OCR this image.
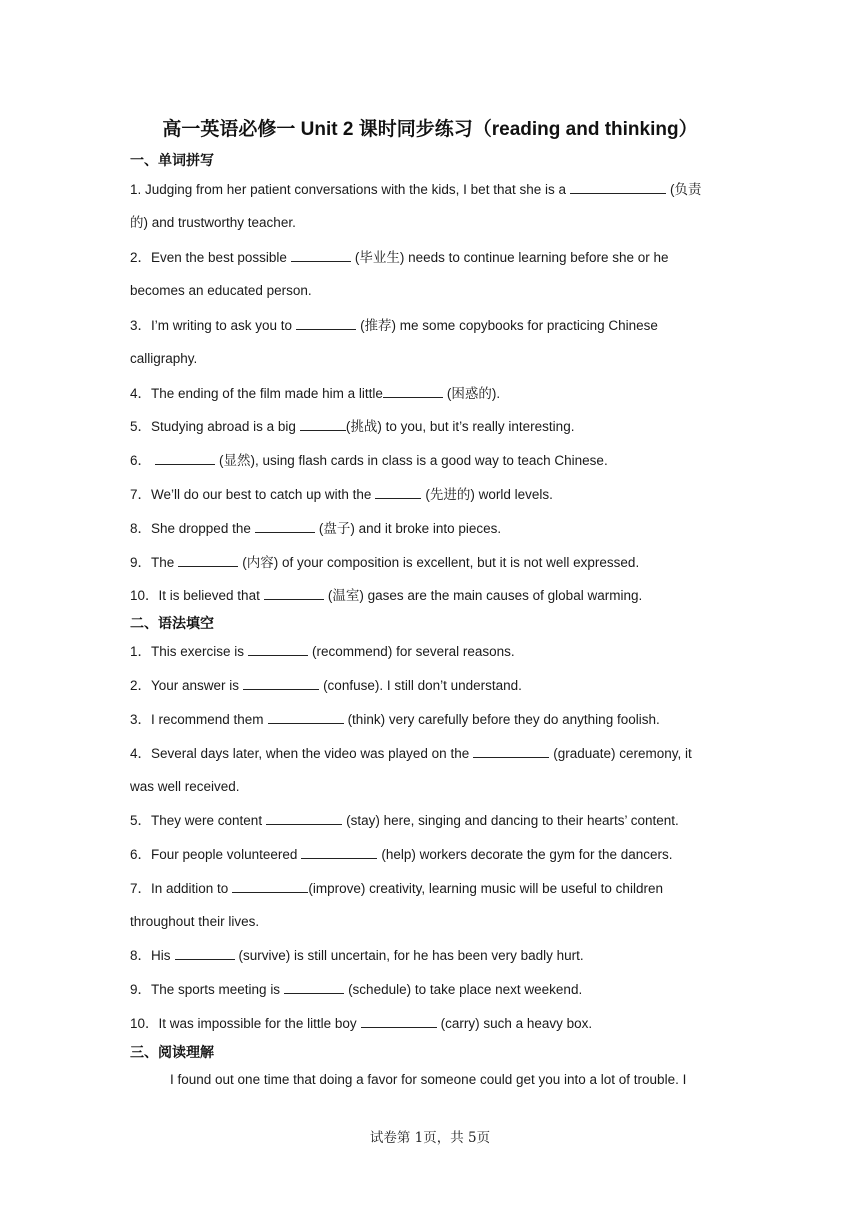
高一英语必修一 Unit 2 课时同步练习（reading and thinking）
一、单词拼写
1. Judging from her patient conversations with the kids, I bet that she is a	(负责
的) and trustworthy teacher.
2．Even the best possible	(毕业生) needs to continue learning before she or he
becomes an educated person.
3．I’m writing to ask you to	(推荐) me some copybooks for practicing Chinese
calligraphy.
4．The ending of the film made him a little	(困惑的).
5．Studying abroad is a big	(挑战) to you, but it’s really interesting.
6．	(显然), using flash cards in class is a good way to teach Chinese.
7．We’ll do our best to catch up with the	(先进的) world levels.
8．She dropped the	(盘子) and it broke into pieces.
9．The	(内容) of your composition is excellent, but it is not well expressed.
10．It is believed that	(温室) gases are the main causes of global warming.
二、语法填空
1．This exercise is	(recommend) for several reasons.
2．Your answer is	(confuse). I still don’t understand.
3．I recommend them	(think) very carefully before they do anything foolish.
4．Several days later, when the video was played on the	(graduate) ceremony, it
was well received.
5．They were content	(stay) here, singing and dancing to their hearts’ content.
6．Four people volunteered	(help) workers decorate the gym for the dancers.
7．In addition to	(improve) creativity, learning music will be useful to children
throughout their lives.
8．His	(survive) is still uncertain, for he has been very badly hurt.
9．The sports meeting is	(schedule) to take place next weekend.
10．It was impossible for the little boy	(carry) such a heavy box.
三、阅读理解
I found out one time that doing a favor for someone could get you into a lot of trouble. I
试卷第 1页，共 5页
